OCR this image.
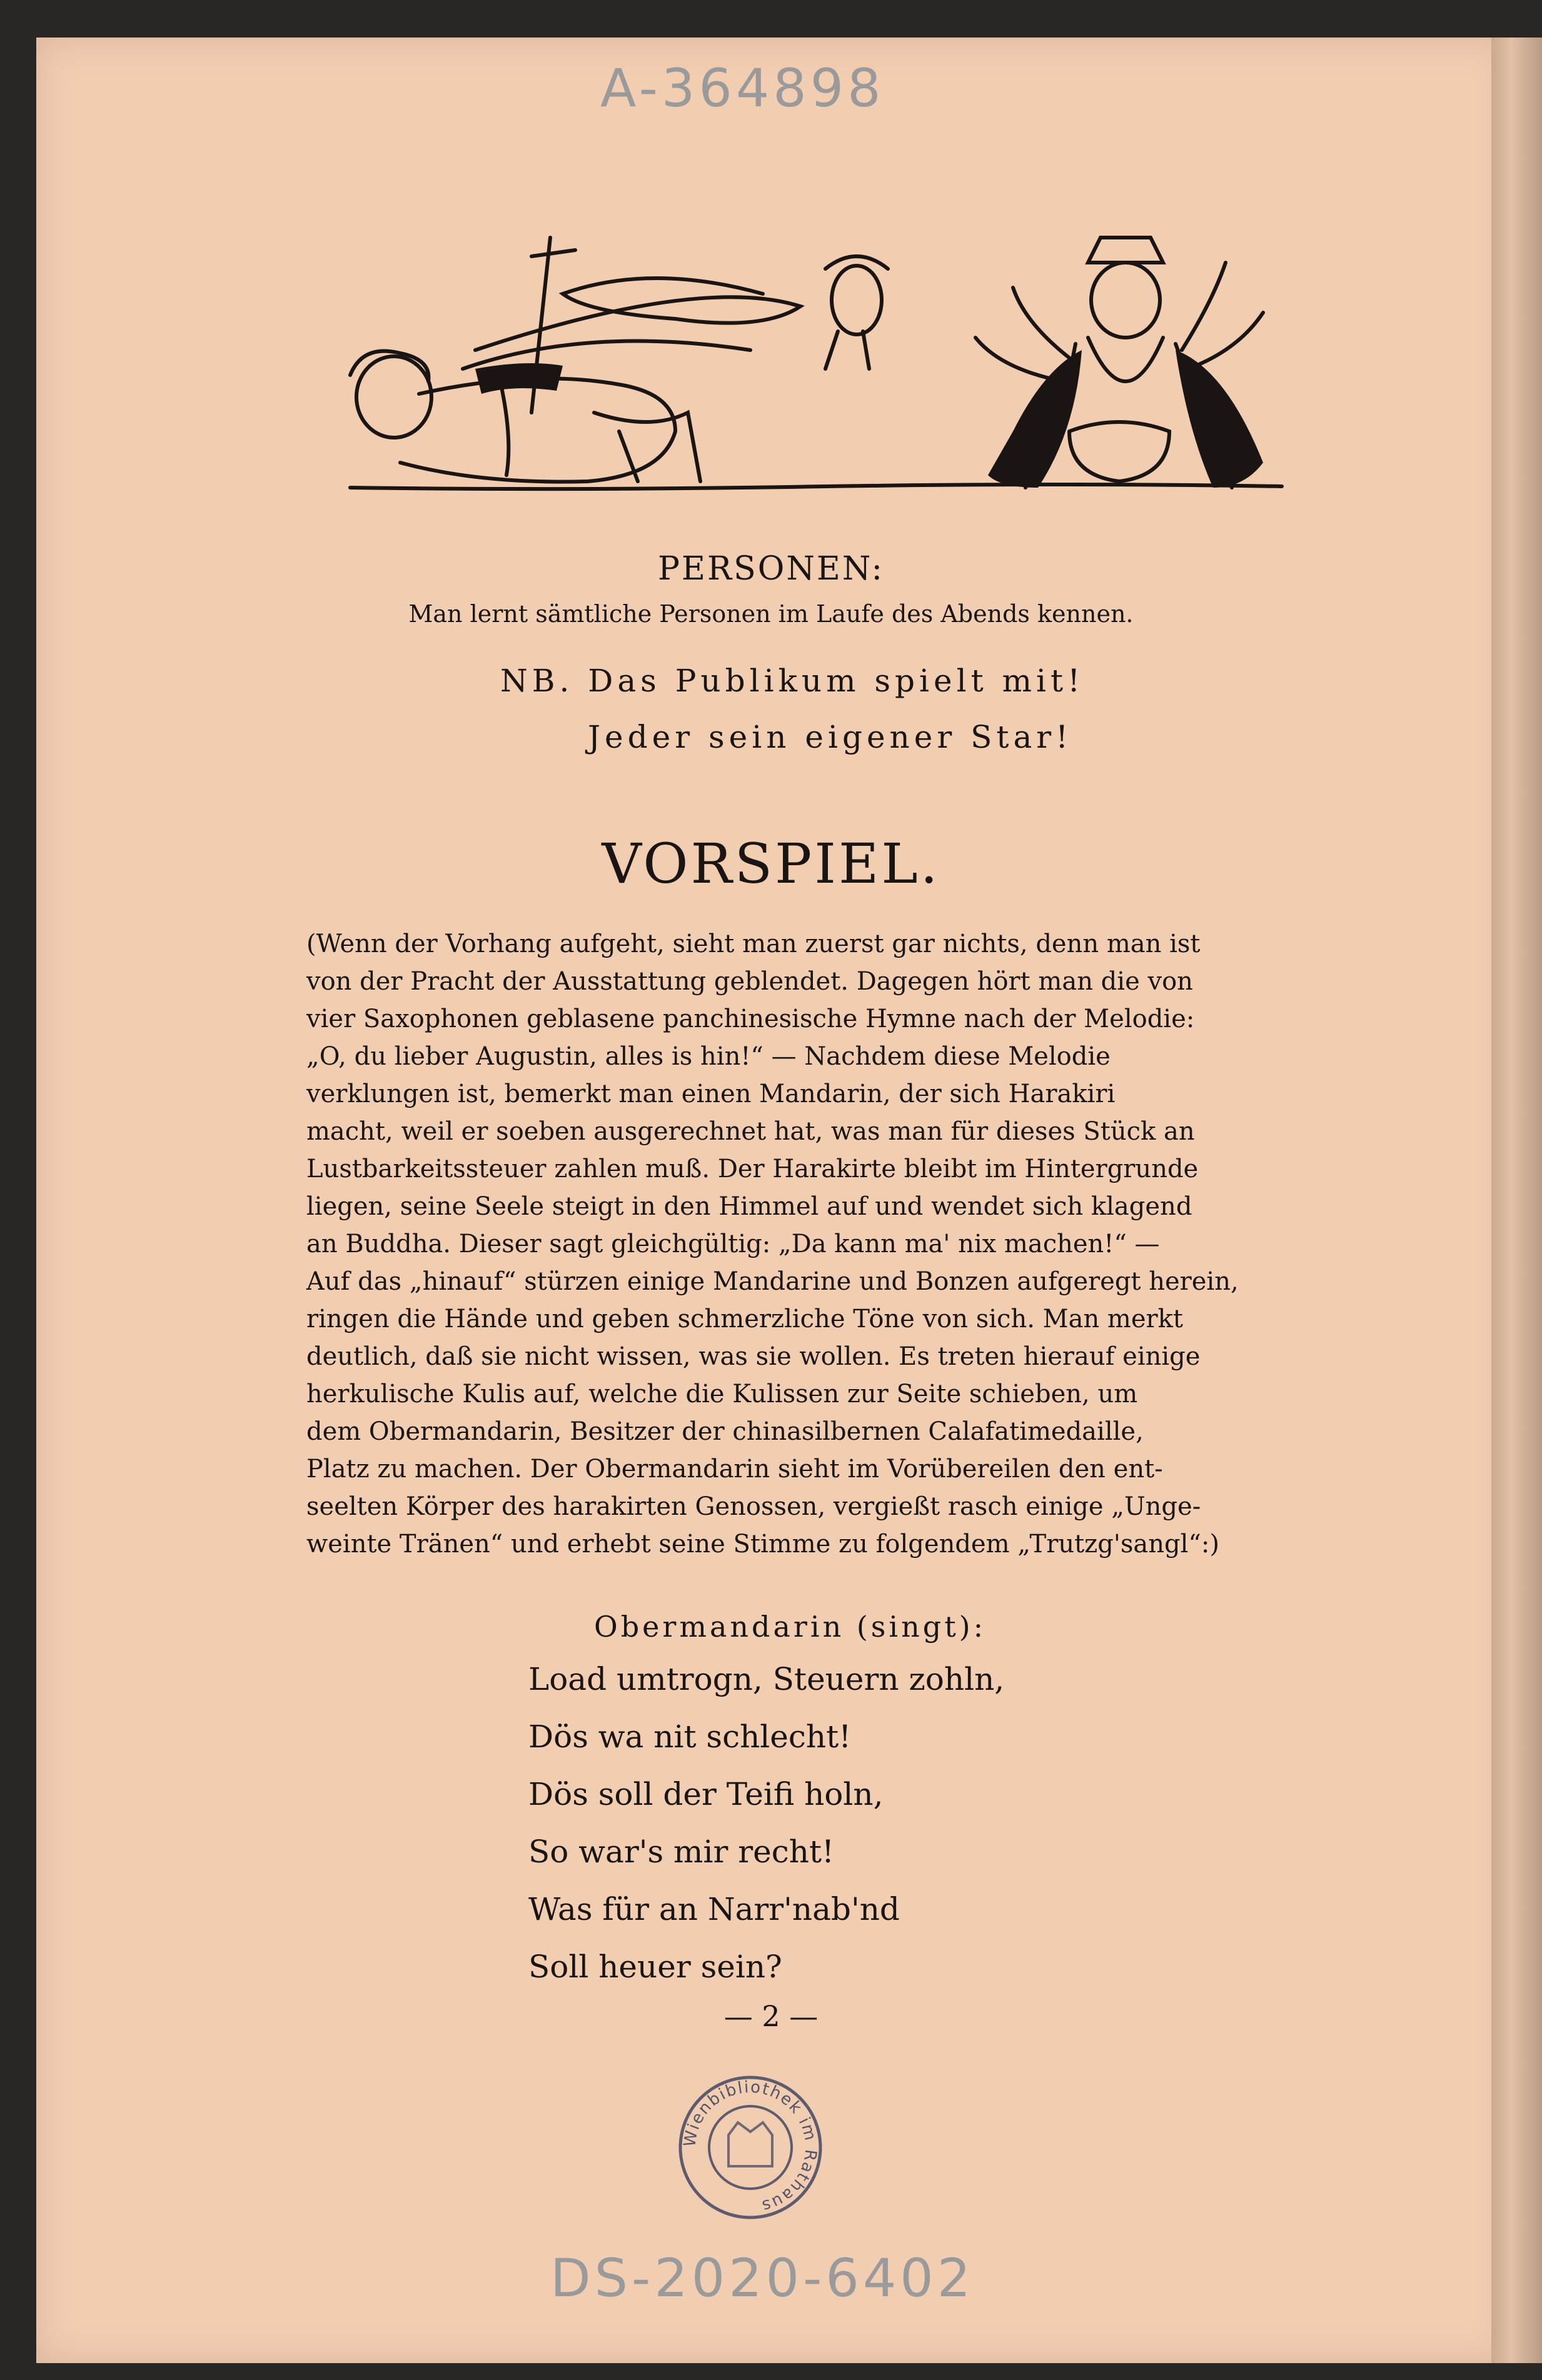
A-364898
PERSONEN:
Man lernt sämtliche Personen im Laufe des Abends kennen.
NB. Das Publikum spielt mit!
Jeder sein eigener Star!
VORSPIEL.
(Wenn der Vorhang aufgeht, sieht man zuerst gar nichts, denn man ist
von der Pracht der Ausstattung geblendet. Dagegen hört man die von
vier Saxophonen geblasene panchinesische Hymne nach der Melodie:
„O, du lieber Augustin, alles is hin!“ — Nachdem diese Melodie
verklungen ist, bemerkt man einen Mandarin, der sich Harakiri
macht, weil er soeben ausgerechnet hat, was man für dieses Stück an
Lustbarkeitssteuer zahlen muß. Der Harakirte bleibt im Hintergrunde
liegen, seine Seele steigt in den Himmel auf und wendet sich klagend
an Buddha. Dieser sagt gleichgültig: „Da kann ma' nix machen!“ —
Auf das „hinauf“ stürzen einige Mandarine und Bonzen aufgeregt herein,
ringen die Hände und geben schmerzliche Töne von sich. Man merkt
deutlich, daß sie nicht wissen, was sie wollen. Es treten hierauf einige
herkulische Kulis auf, welche die Kulissen zur Seite schieben, um
dem Obermandarin, Besitzer der chinasilbernen Calafatimedaille,
Platz zu machen. Der Obermandarin sieht im Vorübereilen den ent-
seelten Körper des harakirten Genossen, vergießt rasch einige „Unge-
weinte Tränen“ und erhebt seine Stimme zu folgendem „Trutzg'sangl“:)
Obermandarin (singt):
Load umtrogn, Steuern zohln,
Dös wa nit schlecht!
Dös soll der Teifi holn,
So war's mir recht!
Was für an Narr'nab'nd
Soll heuer sein?
— 2 —
Wienbibliothek im Rathaus
DS-2020-6402
